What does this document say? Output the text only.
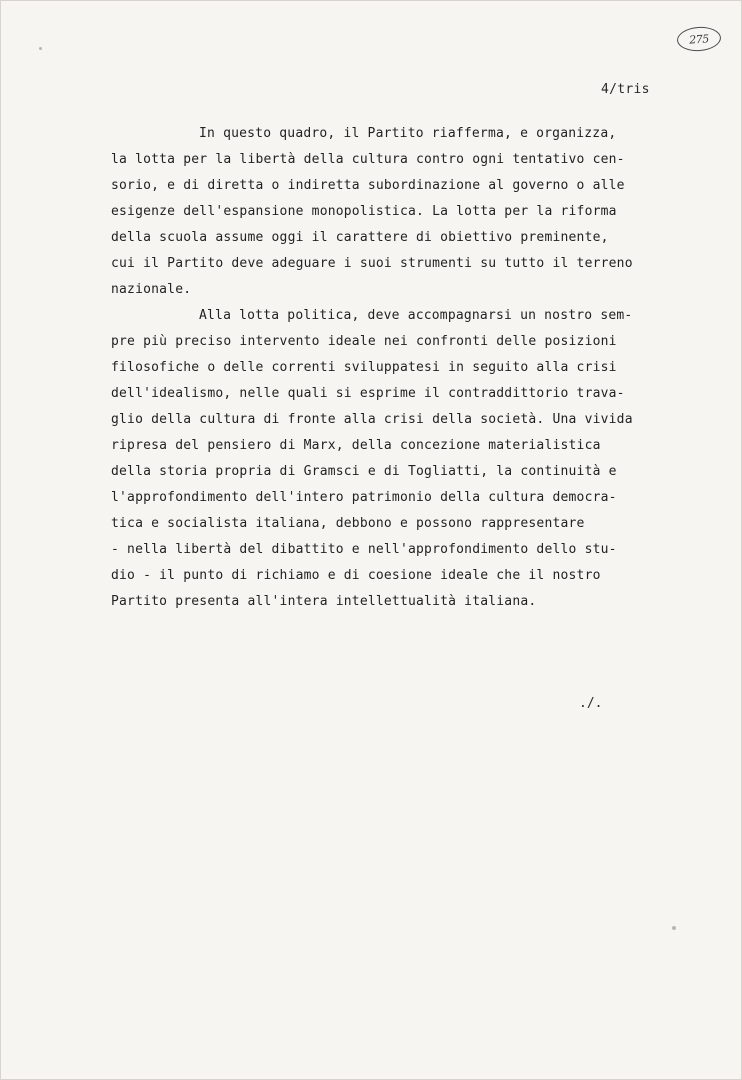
275
4/tris
In questo quadro, il Partito riafferma, e organizza,
la lotta per la libertà della cultura contro ogni tentativo cen-
sorio, e di diretta o indiretta subordinazione al governo o alle
esigenze dell'espansione monopolistica. La lotta per la riforma
della scuola assume oggi il carattere di obiettivo preminente,
cui il Partito deve adeguare i suoi strumenti su tutto il terreno
nazionale.
Alla lotta politica, deve accompagnarsi un nostro sem-
pre più preciso intervento ideale nei confronti delle posizioni
filosofiche o delle correnti sviluppatesi in seguito alla crisi
dell'idealismo, nelle quali si esprime il contraddittorio trava-
glio della cultura di fronte alla crisi della società. Una vivida
ripresa del pensiero di Marx, della concezione materialistica
della storia propria di Gramsci e di Togliatti, la continuità e
l'approfondimento dell'intero patrimonio della cultura democra-
tica e socialista italiana, debbono e possono rappresentare
- nella libertà del dibattito e nell'approfondimento dello stu-
dio - il punto di richiamo e di coesione ideale che il nostro
Partito presenta all'intera intellettualità italiana.
./.
